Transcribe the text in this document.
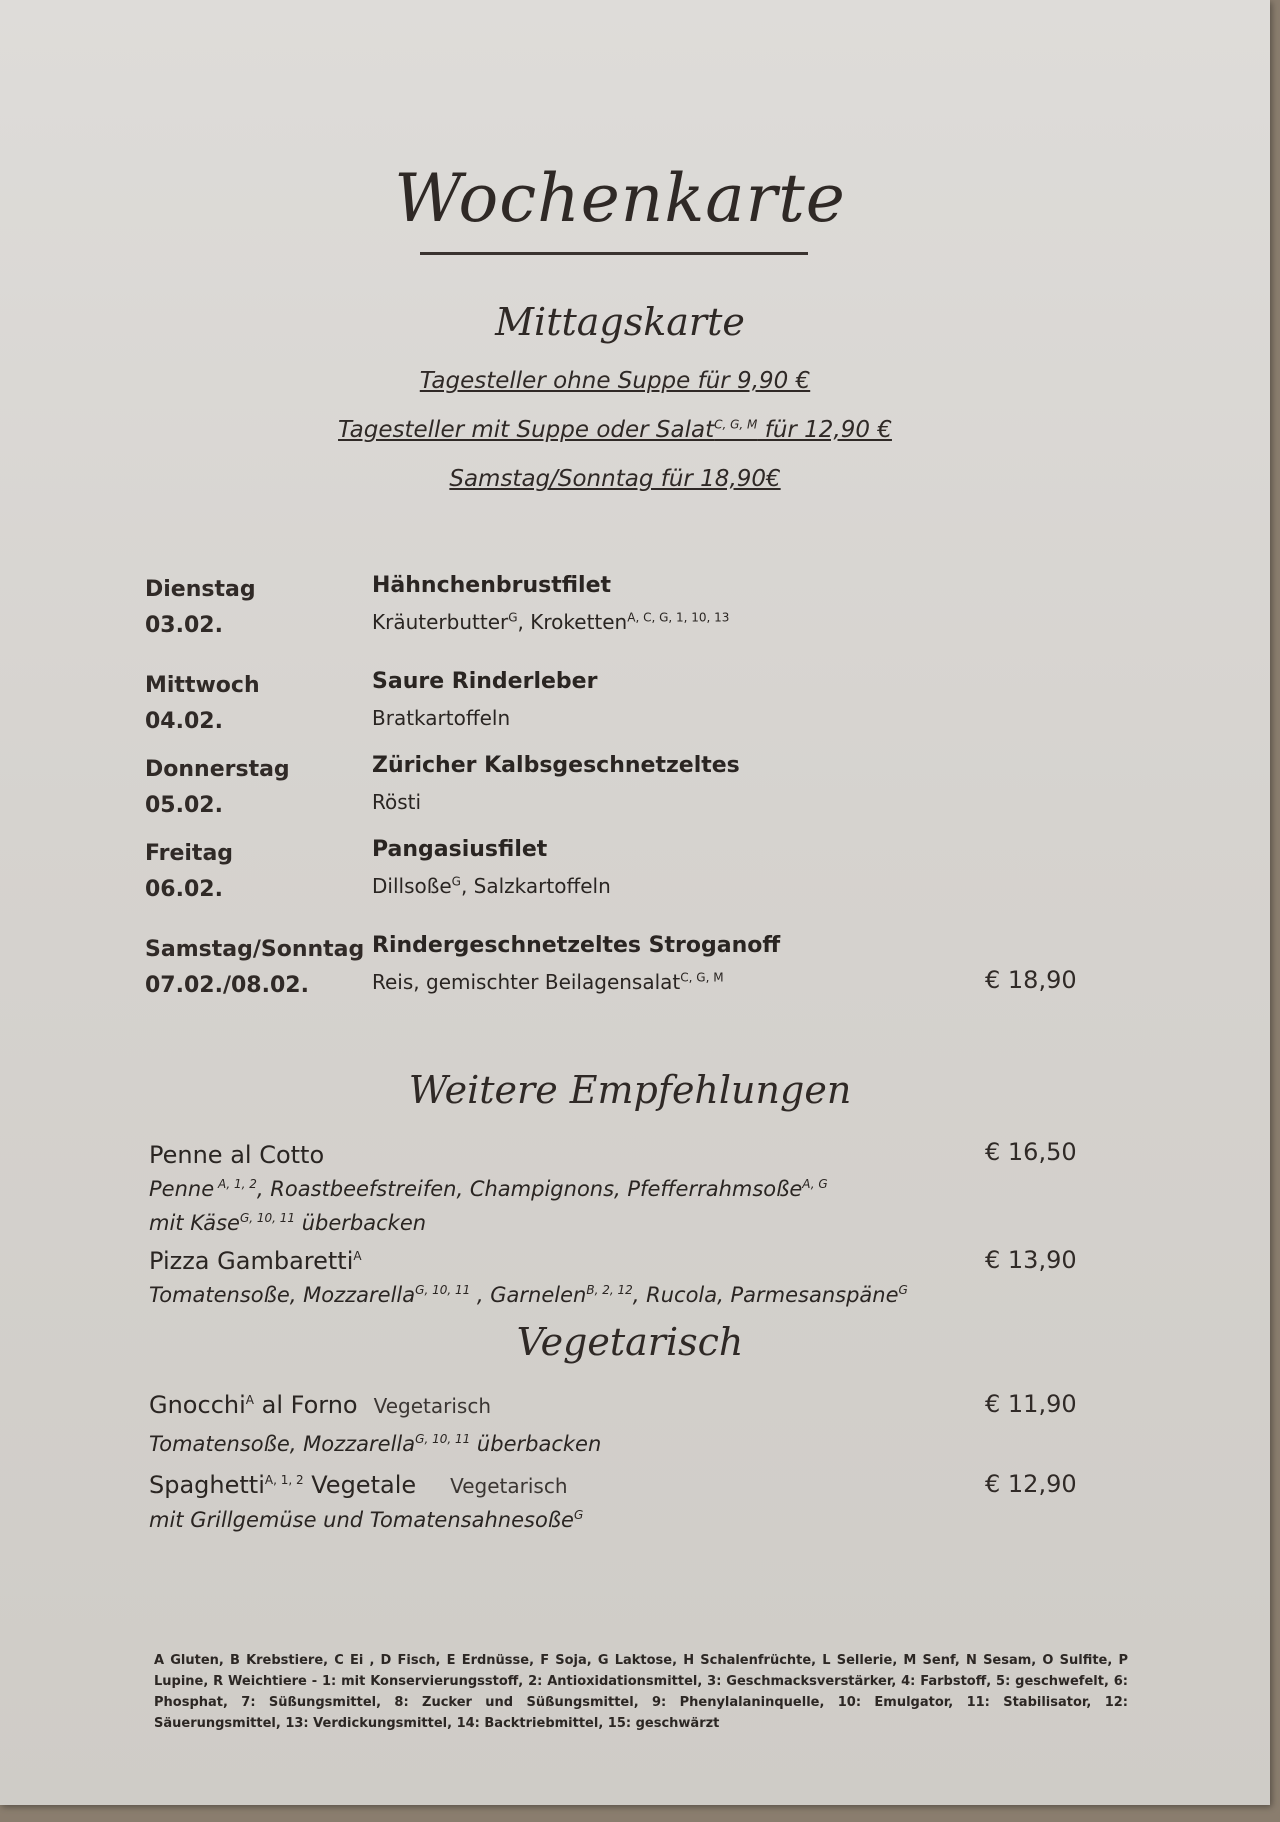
Wochenkarte
Mittagskarte
Tagesteller ohne Suppe für 9,90 €
Tagesteller mit Suppe oder Salat$^{C, G, M}$ für 12,90 €
Samstag/Sonntag für 18,90€
Dienstag
03.02.
Hähnchenbrustfilet
Kräuterbutter$^G$, Kroketten$^{A, C, G, 1, 10, 13}$
Mittwoch
04.02.
Saure Rinderleber
Bratkartoffeln
Donnerstag
05.02.
Züricher Kalbsgeschnetzeltes
Rösti
Freitag
06.02.
Pangasiusfilet
Dillsoße$^G$, Salzkartoffeln
Samstag/Sonntag
07.02./08.02.
Rindergeschnetzeltes Stroganoff
Reis, gemischter Beilagensalat$^{C, G, M}$	€ 18,90
Weitere Empfehlungen
Penne al Cotto
Penne $^{A, 1, 2}$, Roastbeefstreifen, Champignons, Pfefferrahmsoße$^{A, G}$
mit Käse$^{G, 10, 11}$ überbacken
€ 16,50
Pizza Gambaretti$^A$
Tomatensoße, Mozzarella$^{G, 10, 11}$ , Garnelen$^{B, 2, 12}$, Rucola, Parmesanspäne$^G$
€ 13,90
Vegetarisch
Gnocchi$^A$ al Forno Vegetarisch
Tomatensoße, Mozzarella$^{G, 10, 11}$ überbacken
€ 11,90
Spaghetti$^{A, 1, 2}$ Vegetale Vegetarisch
mit Grillgemüse und Tomatensahnesoße$^G$
€ 12,90
A Gluten, B Krebstiere, C Ei , D Fisch, E Erdnüsse, F Soja, G Laktose, H Schalenfrüchte, L Sellerie, M Senf, N Sesam, O Sulfite, P Lupine, R Weichtiere - 1: mit Konservierungsstoff, 2: Antioxidationsmittel, 3: Geschmacksverstärker, 4: Farbstoff, 5: geschwefelt, 6: Phosphat, 7: Süßungsmittel, 8: Zucker und Süßungsmittel, 9: Phenylalaninquelle, 10: Emulgator, 11: Stabilisator, 12: Säuerungsmittel, 13: Verdickungsmittel, 14: Backtriebmittel, 15: geschwärzt
